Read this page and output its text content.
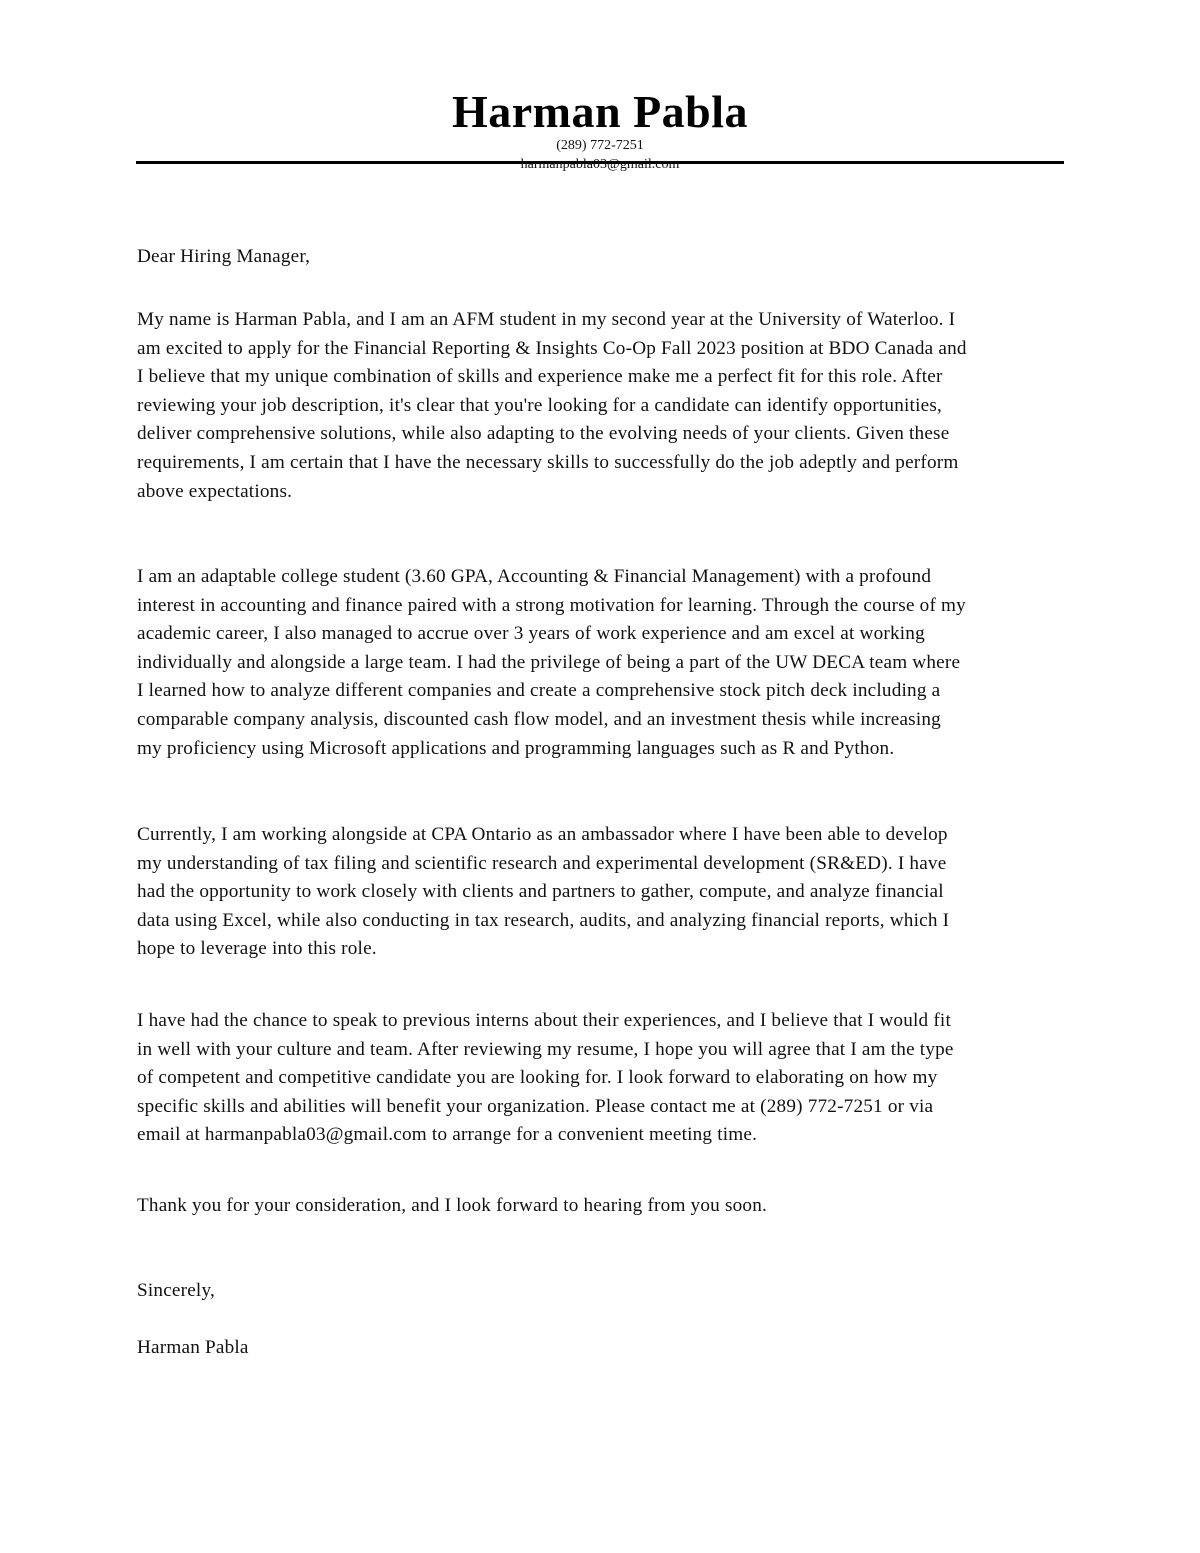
Harman Pabla
(289) 772-7251
harmanpabla03@gmail.com
Dear Hiring Manager,
My name is Harman Pabla, and I am an AFM student in my second year at the University of Waterloo. I
am excited to apply for the Financial Reporting & Insights Co-Op Fall 2023 position at BDO Canada and
I believe that my unique combination of skills and experience make me a perfect fit for this role. After
reviewing your job description, it's clear that you're looking for a candidate can identify opportunities,
deliver comprehensive solutions, while also adapting to the evolving needs of your clients. Given these
requirements, I am certain that I have the necessary skills to successfully do the job adeptly and perform
above expectations.
I am an adaptable college student (3.60 GPA, Accounting & Financial Management) with a profound
interest in accounting and finance paired with a strong motivation for learning. Through the course of my
academic career, I also managed to accrue over 3 years of work experience and am excel at working
individually and alongside a large team. I had the privilege of being a part of the UW DECA team where
I learned how to analyze different companies and create a comprehensive stock pitch deck including a
comparable company analysis, discounted cash flow model, and an investment thesis while increasing
my proficiency using Microsoft applications and programming languages such as R and Python.
Currently, I am working alongside at CPA Ontario as an ambassador where I have been able to develop
my understanding of tax filing and scientific research and experimental development (SR&ED). I have
had the opportunity to work closely with clients and partners to gather, compute, and analyze financial
data using Excel, while also conducting in tax research, audits, and analyzing financial reports, which I
hope to leverage into this role.
I have had the chance to speak to previous interns about their experiences, and I believe that I would fit
in well with your culture and team. After reviewing my resume, I hope you will agree that I am the type
of competent and competitive candidate you are looking for. I look forward to elaborating on how my
specific skills and abilities will benefit your organization. Please contact me at (289) 772-7251 or via
email at harmanpabla03@gmail.com to arrange for a convenient meeting time.
Thank you for your consideration, and I look forward to hearing from you soon.
Sincerely,
Harman Pabla
